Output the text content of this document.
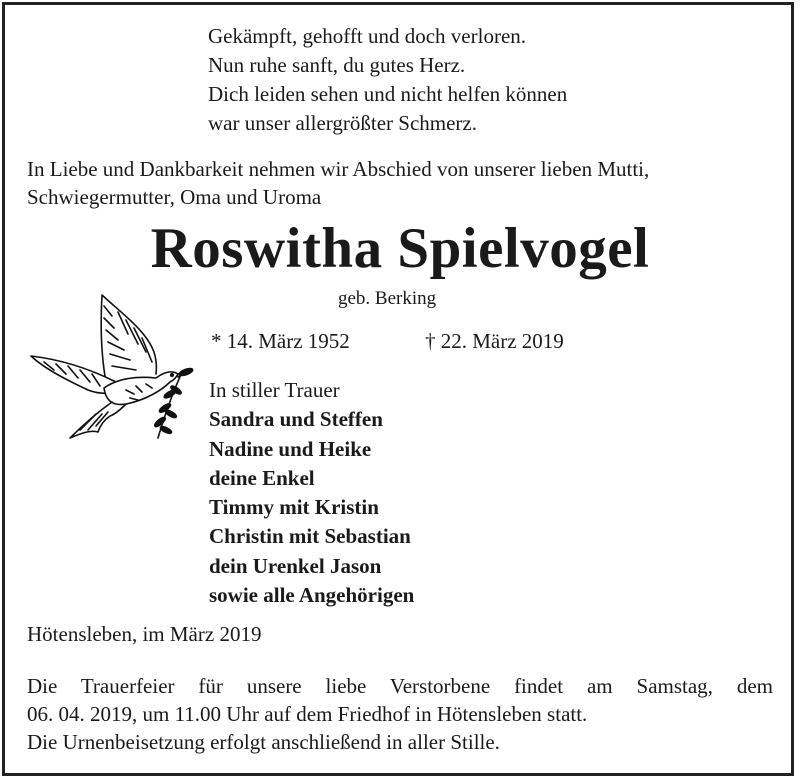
Gekämpft, gehofft und doch verloren.
Nun ruhe sanft, du gutes Herz.
Dich leiden sehen und nicht helfen können
war unser allergrößter Schmerz.
In Liebe und Dankbarkeit nehmen wir Abschied von unserer lieben Mutti, Schwiegermutter, Oma und Uroma
Roswitha Spielvogel
geb. Berking
* 14. März 1952	† 22. März 2019
In stiller Trauer
Sandra und Steffen
Nadine und Heike
deine Enkel
Timmy mit Kristin
Christin mit Sebastian
dein Urenkel Jason
sowie alle Angehörigen
Hötensleben, im März 2019
Die Trauerfeier für unsere liebe Verstorbene findet am Samstag, dem
06. 04. 2019, um 11.00 Uhr auf dem Friedhof in Hötensleben statt.
Die Urnenbeisetzung erfolgt anschließend in aller Stille.
